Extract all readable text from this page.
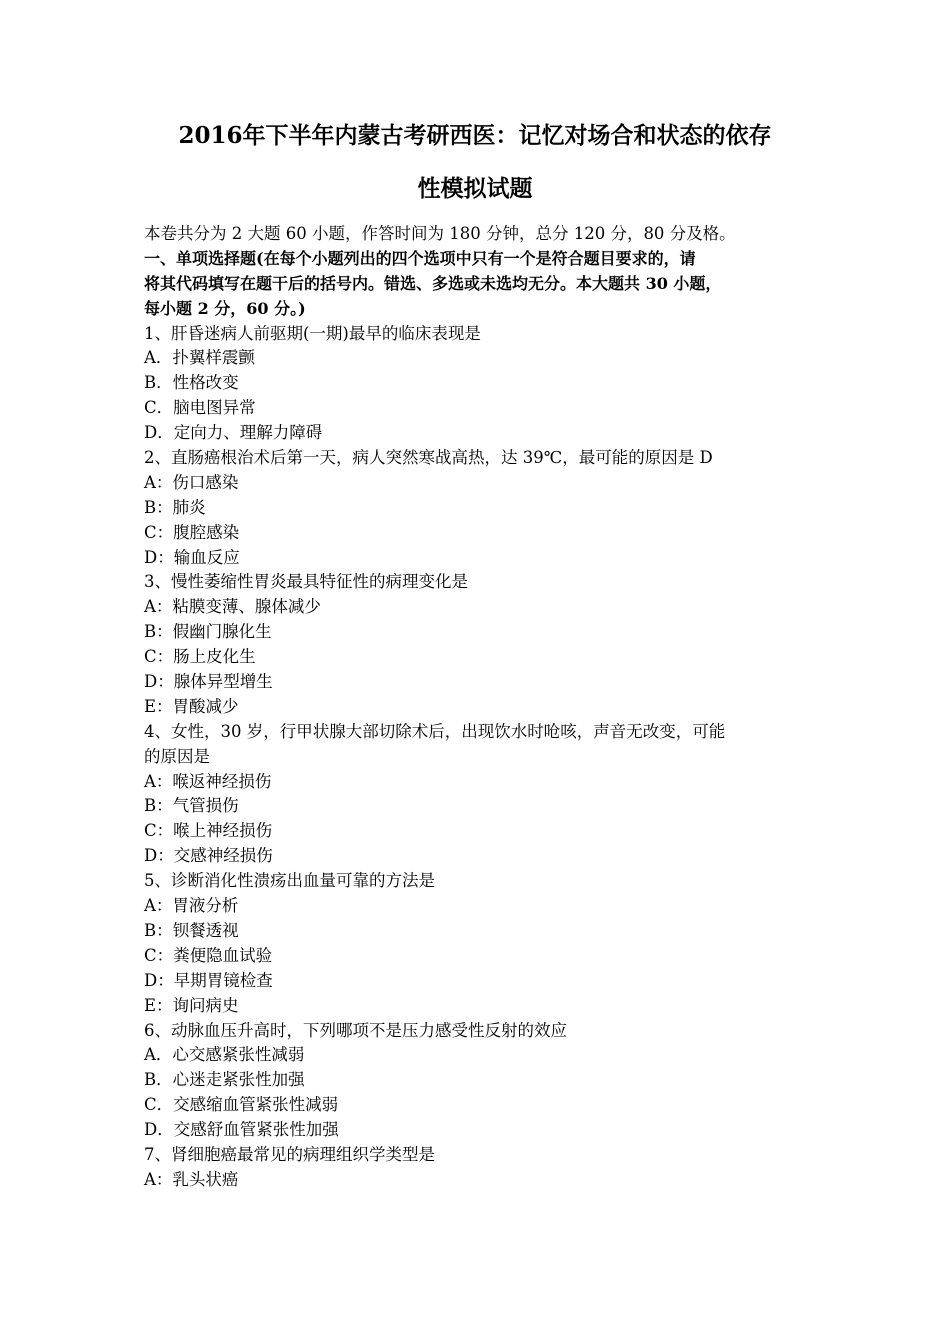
2016年下半年内蒙古考研西医：记忆对场合和状态的依存
性模拟试题
本卷共分为 2 大题 60 小题，作答时间为 180 分钟，总分 120 分，80 分及格。
一、单项选择题(在每个小题列出的四个选项中只有一个是符合题目要求的，请
将其代码填写在题干后的括号内。错选、多选或未选均无分。本大题共 30 小题，
每小题 2 分，60 分。)
1、肝昏迷病人前驱期(一期)最早的临床表现是
A．扑翼样震颤
B．性格改变
C．脑电图异常
D．定向力、理解力障碍
2、直肠癌根治术后第一天，病人突然寒战高热，达 39℃，最可能的原因是 D
A：伤口感染
B：肺炎
C：腹腔感染
D：输血反应
3、慢性萎缩性胃炎最具特征性的病理变化是
A：粘膜变薄、腺体减少
B：假幽门腺化生
C：肠上皮化生
D：腺体异型增生
E：胃酸减少
4、女性，30 岁，行甲状腺大部切除术后，出现饮水时呛咳，声音无改变，可能
的原因是
A：喉返神经损伤
B：气管损伤
C：喉上神经损伤
D：交感神经损伤
5、诊断消化性溃疡出血量可靠的方法是
A：胃液分析
B：钡餐透视
C：粪便隐血试验
D：早期胃镜检查
E：询问病史
6、动脉血压升高时，下列哪项不是压力感受性反射的效应
A．心交感紧张性减弱
B．心迷走紧张性加强
C．交感缩血管紧张性减弱
D．交感舒血管紧张性加强
7、肾细胞癌最常见的病理组织学类型是
A：乳头状癌
